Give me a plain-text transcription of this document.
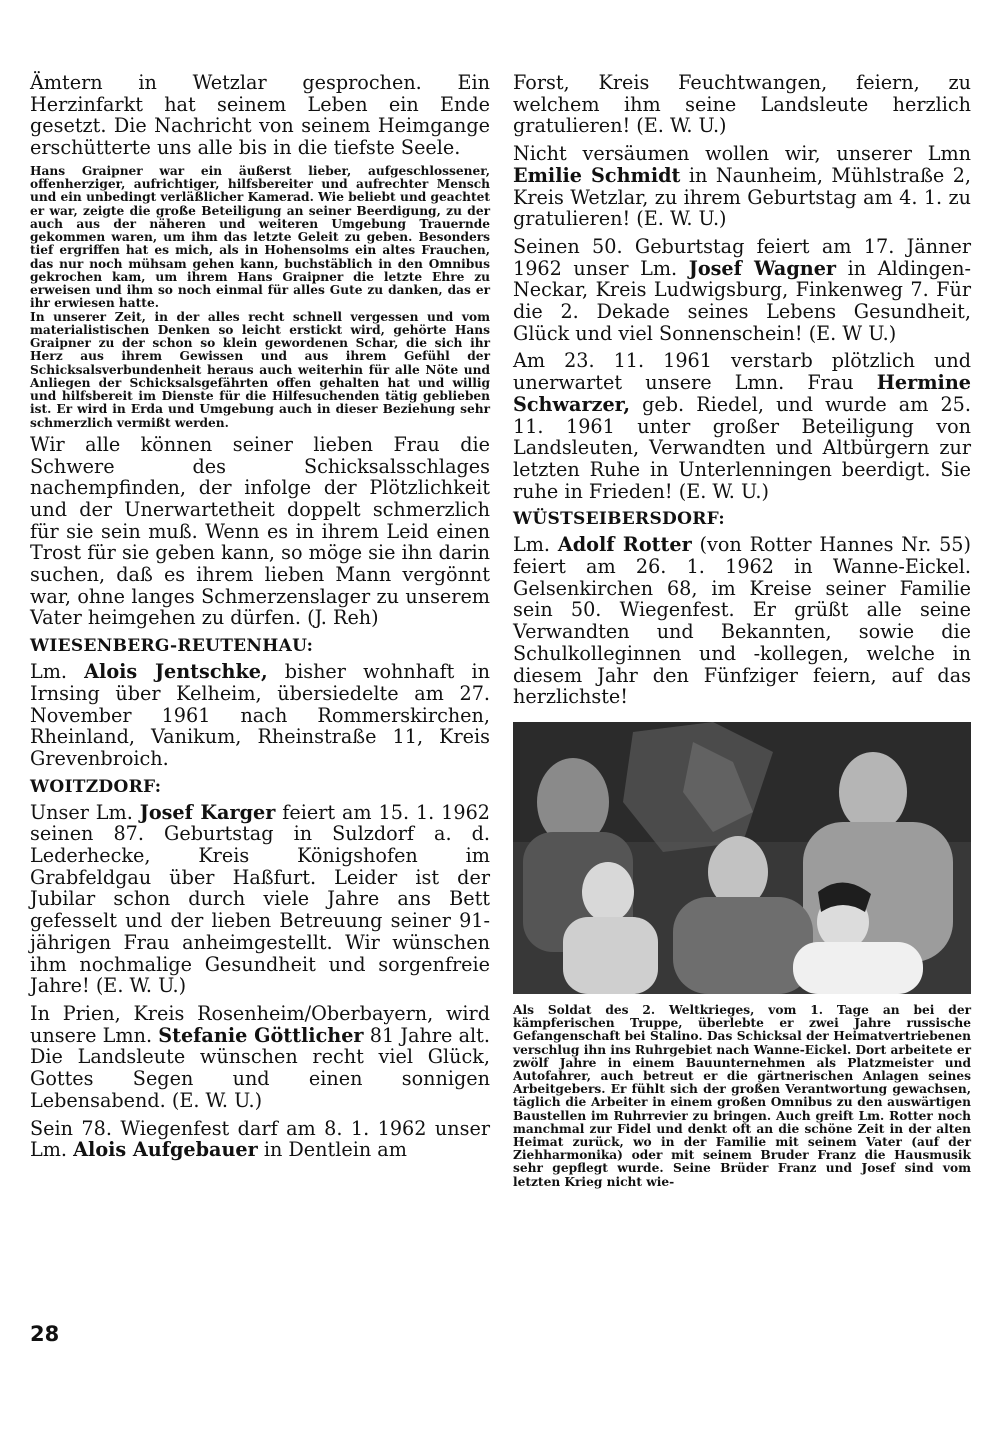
Ämtern in Wetzlar gesprochen. Ein Herzinfarkt hat seinem Leben ein Ende gesetzt. Die Nachricht von seinem Heimgange erschütterte uns alle bis in die tiefste Seele.

Hans Graipner war ein äußerst lieber, aufgeschlossener, offenherziger, aufrichtiger, hilfsbereiter und aufrechter Mensch und ein unbedingt verläßlicher Kamerad. Wie beliebt und geachtet er war, zeigte die große Beteiligung an seiner Beerdigung, zu der auch aus der näheren und weiteren Umgebung Trauernde gekommen waren, um ihm das letzte Geleit zu geben. Besonders tief ergriffen hat es mich, als in Hohensolms ein altes Frauchen, das nur noch mühsam gehen kann, buchstäblich in den Omnibus gekrochen kam, um ihrem Hans Graipner die letzte Ehre zu erweisen und ihm so noch einmal für alles Gute zu danken, das er ihr erwiesen hatte.

In unserer Zeit, in der alles recht schnell vergessen und vom materialistischen Denken so leicht erstickt wird, gehörte Hans Graipner zu der schon so klein gewordenen Schar, die sich ihr Herz aus ihrem Gewissen und aus ihrem Gefühl der Schicksalsverbundenheit heraus auch weiterhin für alle Nöte und Anliegen der Schicksalsgefährten offen gehalten hat und willig und hilfsbereit im Dienste für die Hilfesuchenden tätig geblieben ist. Er wird in Erda und Umgebung auch in dieser Beziehung sehr schmerzlich vermißt werden.

Wir alle können seiner lieben Frau die Schwere des Schicksalsschlages nachempfinden, der infolge der Plötzlichkeit und der Unerwartetheit doppelt schmerzlich für sie sein muß. Wenn es in ihrem Leid einen Trost für sie geben kann, so möge sie ihn darin suchen, daß es ihrem lieben Mann vergönnt war, ohne langes Schmerzenslager zu unserem Vater heimgehen zu dürfen. (J. Reh)

WIESENBERG-REUTENHAU:

Lm. Alois Jentschke, bisher wohnhaft in Irnsing über Kelheim, übersiedelte am 27. November 1961 nach Rommerskirchen, Rheinland, Vanikum, Rheinstraße 11, Kreis Grevenbroich.

WOITZDORF:

Unser Lm. Josef Karger feiert am 15. 1. 1962 seinen 87. Geburtstag in Sulzdorf a. d. Lederhecke, Kreis Königshofen im Grabfeldgau über Haßfurt. Leider ist der Jubilar schon durch viele Jahre ans Bett gefesselt und der lieben Betreuung seiner 91-jährigen Frau anheimgestellt. Wir wünschen ihm nochmalige Gesundheit und sorgenfreie Jahre! (E. W. U.)

In Prien, Kreis Rosenheim/Oberbayern, wird unsere Lmn. Stefanie Göttlicher 81 Jahre alt. Die Landsleute wünschen recht viel Glück, Gottes Segen und einen sonnigen Lebensabend. (E. W. U.)

Sein 78. Wiegenfest darf am 8. 1. 1962 unser Lm. Alois Aufgebauer in Dentlein am

Forst, Kreis Feuchtwangen, feiern, zu welchem ihm seine Landsleute herzlich gratulieren! (E. W. U.)

Nicht versäumen wollen wir, unserer Lmn Emilie Schmidt in Naunheim, Mühlstraße 2, Kreis Wetzlar, zu ihrem Geburtstag am 4. 1. zu gratulieren! (E. W. U.)

Seinen 50. Geburtstag feiert am 17. Jänner 1962 unser Lm. Josef Wagner in Aldingen-Neckar, Kreis Ludwigsburg, Finkenweg 7. Für die 2. Dekade seines Lebens Gesundheit, Glück und viel Sonnenschein! (E. W U.)

Am 23. 11. 1961 verstarb plötzlich und unerwartet unsere Lmn. Frau Hermine Schwarzer, geb. Riedel, und wurde am 25. 11. 1961 unter großer Beteiligung von Landsleuten, Verwandten und Altbürgern zur letzten Ruhe in Unterlenningen beerdigt. Sie ruhe in Frieden! (E. W. U.)

WÜSTSEIBERSDORF:

Lm. Adolf Rotter (von Rotter Hannes Nr. 55) feiert am 26. 1. 1962 in Wanne-Eickel. Gelsenkirchen 68, im Kreise seiner Familie sein 50. Wiegenfest. Er grüßt alle seine Verwandten und Bekannten, sowie die Schulkolleginnen und -kollegen, welche in diesem Jahr den Fünfziger feiern, auf das herzlichste!

Als Soldat des 2. Weltkrieges, vom 1. Tage an bei der kämpferischen Truppe, überlebte er zwei Jahre russische Gefangenschaft bei Stalino. Das Schicksal der Heimatvertriebenen verschlug ihn ins Ruhrgebiet nach Wanne-Eickel. Dort arbeitete er zwölf Jahre in einem Bauunternehmen als Platzmeister und Autofahrer, auch betreut er die gärtnerischen Anlagen seines Arbeitgebers. Er fühlt sich der großen Verantwortung gewachsen, täglich die Arbeiter in einem großen Omnibus zu den auswärtigen Baustellen im Ruhrrevier zu bringen. Auch greift Lm. Rotter noch manchmal zur Fidel und denkt oft an die schöne Zeit in der alten Heimat zurück, wo in der Familie mit seinem Vater (auf der Ziehharmonika) oder mit seinem Bruder Franz die Hausmusik sehr gepflegt wurde. Seine Brüder Franz und Josef sind vom letzten Krieg nicht wie-

28
